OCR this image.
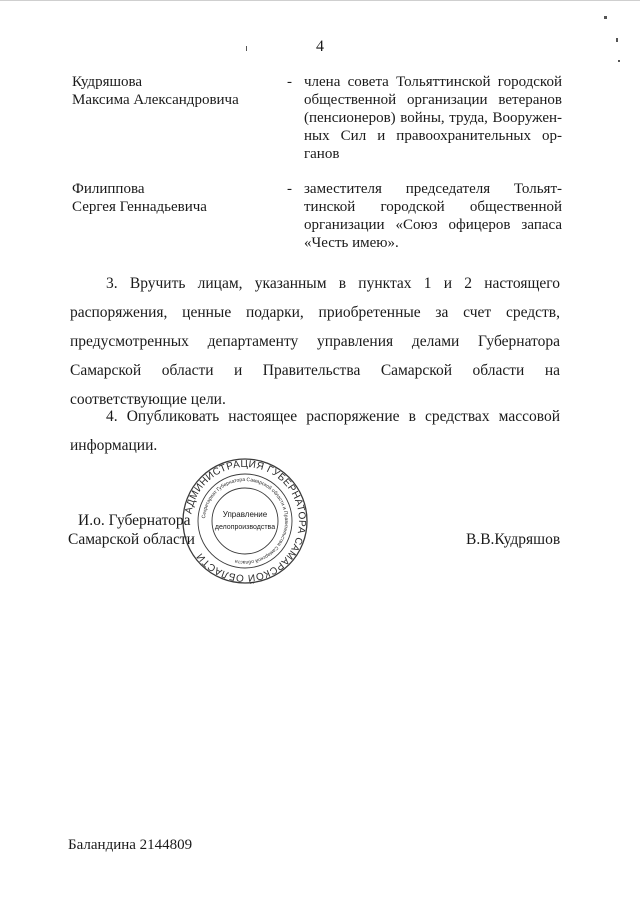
4
Кудряшова
Максима Александровича
- члена совета Тольяттинской городской
общественной организации ветеранов
(пенсионеров) войны, труда, Вооружен-
ных Сил и правоохранительных ор-
ганов
Филиппова
Сергея Геннадьевича
- заместителя председателя Тольят-
тинской городской общественной
организации «Союз офицеров запаса
«Честь имею».
3. Вручить лицам, указанным в пунктах 1 и 2 настоящего
распоряжения, ценные подарки, приобретенные за счет средств,
предусмотренных департаменту управления делами Губернатора
Самарской области и Правительства Самарской области на
соответствующие цели.
4. Опубликовать настоящее распоряжение в средствах массовой
информации.
АДМИНИСТРАЦИЯ ГУБЕРНАТОРА САМАРСКОЙ ОБЛАСТИ
Секретариат Губернатора Самарской области и Правительства Самарской области
Управление
делопроизводства
И.о. Губернатора
Самарской области	В.В.Кудряшов
Баландина 2144809
